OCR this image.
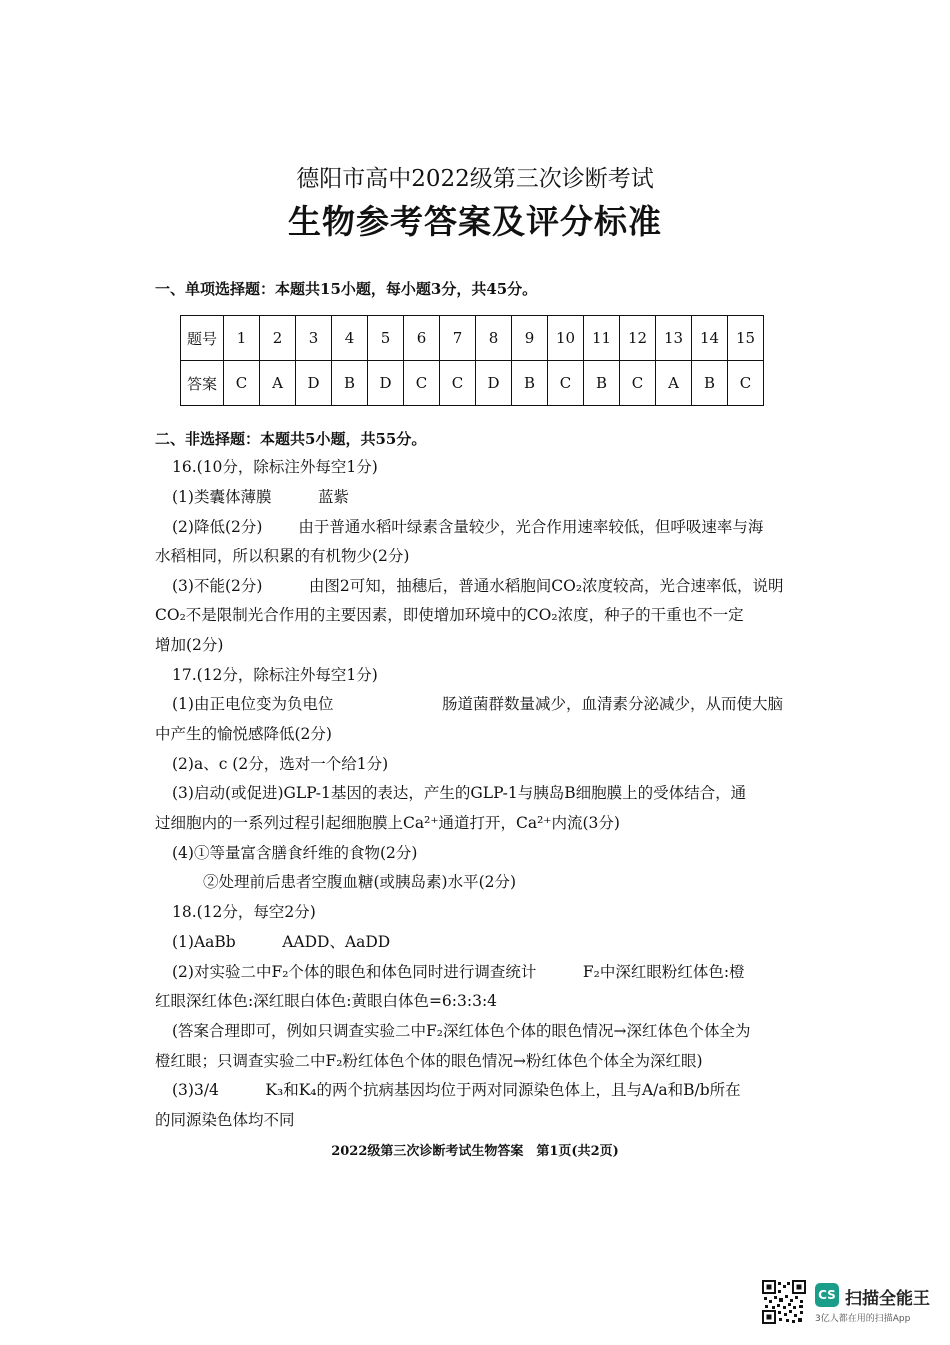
德阳市高中2022级第三次诊断考试
生物参考答案及评分标准
一、单项选择题：本题共15小题，每小题3分，共45分。
题号	1	2	3	4	5	6	7	8	9	10	11	12	13	14	15
答案	C	A	D	B	D	C	C	D	B	C	B	C	A	B	C
二、非选择题：本题共5小题，共55分。
16.(10分，除标注外每空1分)
(1)类囊体薄膜　　　蓝紫
(2)降低(2分)　　 由于普通水稻叶绿素含量较少，光合作用速率较低，但呼吸速率与海
水稻相同，所以积累的有机物少(2分)
(3)不能(2分)　　　由图2可知，抽穗后，普通水稻胞间CO₂浓度较高，光合速率低，说明
CO₂不是限制光合作用的主要因素，即使增加环境中的CO₂浓度，种子的干重也不一定
增加(2分)
17.(12分，除标注外每空1分)
(1)由正电位变为负电位　　　　　　　肠道菌群数量减少，血清素分泌减少，从而使大脑
中产生的愉悦感降低(2分)
(2)a、c (2分，选对一个给1分)
(3)启动(或促进)GLP-1基因的表达，产生的GLP-1与胰岛B细胞膜上的受体结合，通
过细胞内的一系列过程引起细胞膜上Ca²⁺通道打开，Ca²⁺内流(3分)
(4)①等量富含膳食纤维的食物(2分)
②处理前后患者空腹血糖(或胰岛素)水平(2分)
18.(12分，每空2分)
(1)AaBb　　　AADD、AaDD
(2)对实验二中F₂个体的眼色和体色同时进行调查统计　　　F₂中深红眼粉红体色:橙
红眼深红体色:深红眼白体色:黄眼白体色=6:3:3:4
(答案合理即可，例如只调查实验二中F₂深红体色个体的眼色情况→深红体色个体全为
橙红眼；只调查实验二中F₂粉红体色个体的眼色情况→粉红体色个体全为深红眼)
(3)3/4　　　K₃和K₄的两个抗病基因均位于两对同源染色体上，且与A/a和B/b所在
的同源染色体均不同
2022级第三次诊断考试生物答案　第1页(共2页)
CS 扫描全能王
3亿人都在用的扫描App
